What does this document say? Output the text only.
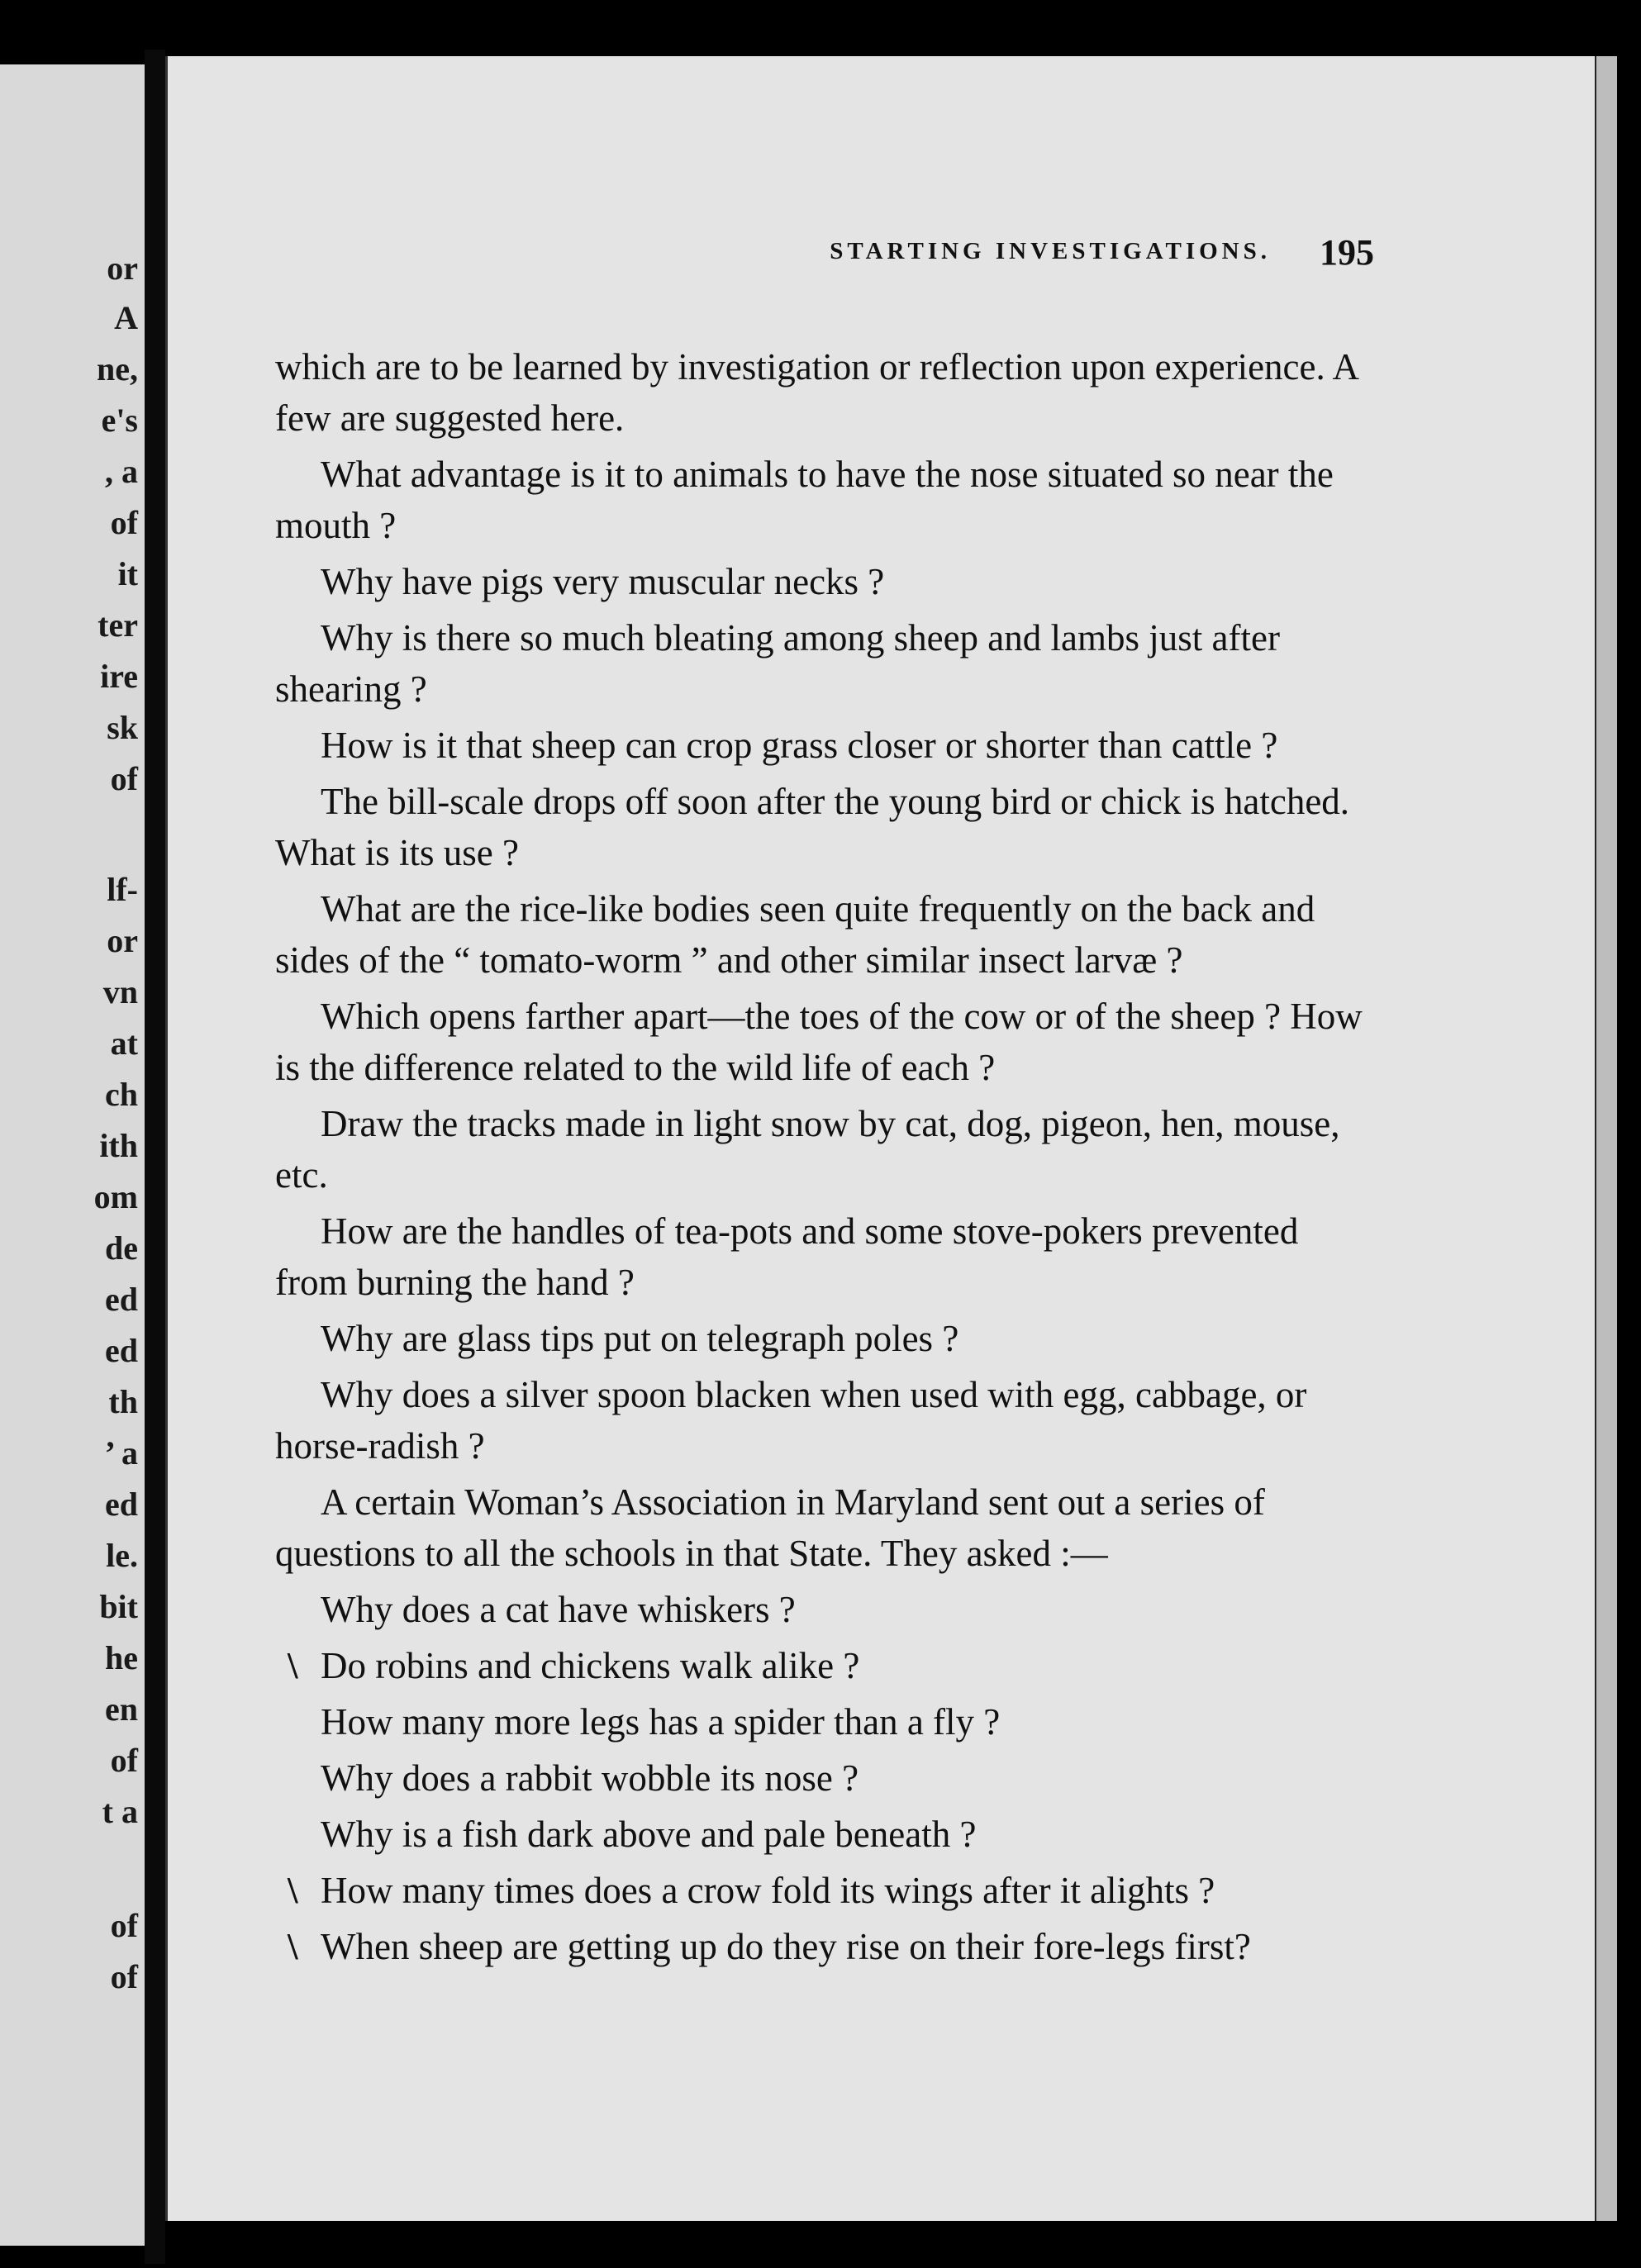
or
A
ne,
e's
, a
of
it
ter
ire
sk
of
lf-
or
vn
at
ch
ith
om
de
ed
ed
th
’ a
ed
le.
bit
he
en
of
t a
of
of
STARTING INVESTIGATIONS. 195

which are to be learned by investigation or reflection upon experience. A few are suggested here.

What advantage is it to animals to have the nose situated so near the mouth ?

Why have pigs very muscular necks ?

Why is there so much bleating among sheep and lambs just after shearing ?

How is it that sheep can crop grass closer or shorter than cattle ?

The bill-scale drops off soon after the young bird or chick is hatched. What is its use ?

What are the rice-like bodies seen quite frequently on the back and sides of the “ tomato-worm ” and other similar insect larvæ ?

Which opens farther apart—the toes of the cow or of the sheep ? How is the difference related to the wild life of each ?

Draw the tracks made in light snow by cat, dog, pigeon, hen, mouse, etc.

How are the handles of tea-pots and some stove-pokers prevented from burning the hand ?

Why are glass tips put on telegraph poles ?

Why does a silver spoon blacken when used with egg, cabbage, or horse-radish ?

A certain Woman’s Association in Maryland sent out a series of questions to all the schools in that State. They asked :—

Why does a cat have whiskers ?

\ Do robins and chickens walk alike ?

How many more legs has a spider than a fly ?

Why does a rabbit wobble its nose ?

Why is a fish dark above and pale beneath ?

\ How many times does a crow fold its wings after it alights ?

\ When sheep are getting up do they rise on their fore-legs first?
